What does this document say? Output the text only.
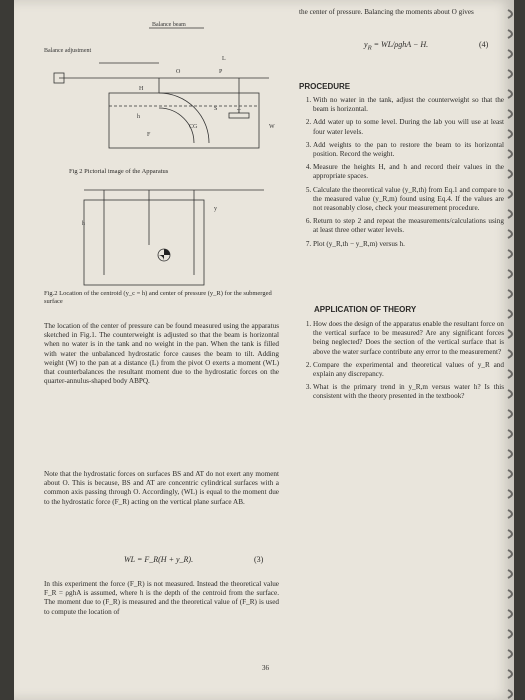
the center of pressure. Balancing the moments about O gives
$y_R = WL/\rho ghA - H$.	(4)
Balance beam
Balance adjustment
L
O	P
H
h
S	T
CG
F
W
Fig 2 Pictorial image of the Apparatus
y
h
Fig.2 Location of the centroid (y_c = h) and center of pressure (y_R) for the submerged surface
PROCEDURE
1. With no water in the tank, adjust the counterweight so that the beam is horizontal.
2. Add water up to some level. During the lab you will use at least four water levels.
3. Add weights to the pan to restore the beam to its horizontal position. Record the weight.
4. Measure the heights H, and h and record their values in the appropriate spaces.
5. Calculate the theoretical value (y_R,th) from Eq.1 and compare to the measured value (y_R,m) found using Eq.4. If the values are not reasonably close, check your measurement procedure.
6. Return to step 2 and repeat the measurements/calculations using at least three other water levels.
7. Plot (y_R,th − y_R,m) versus h.
APPLICATION OF THEORY
1. How does the design of the apparatus enable the resultant force on the vertical surface to be measured? Are any significant forces being neglected? Does the section of the vertical surface that is above the water surface contribute any error to the measurement?
2. Compare the experimental and theoretical values of y_R and explain any discrepancy.
3. What is the primary trend in y_R,m versus water h? Is this consistent with the theory presented in the textbook?
The location of the center of pressure can be found measured using the apparatus sketched in Fig.1. The counterweight is adjusted so that the beam is horizontal when no water is in the tank and no weight in the pan. When the tank is filled with water the unbalanced hydrostatic force causes the beam to tilt. Adding weight (W) to the pan at a distance (L) from the pivot O exerts a moment (WL) that counterbalances the resultant moment due to the hydrostatic forces on the quarter-annulus-shaped body ABPQ.
Note that the hydrostatic forces on surfaces BS and AT do not exert any moment about O. This is because, BS and AT are concentric cylindrical surfaces with a common axis passing through O. Accordingly, (WL) is equal to the moment due to the hydrostatic force (F_R) acting on the vertical plane surface AB.
WL = F_R(H + y_R).	(3)
In this experiment the force (F_R) is not measured. Instead the theoretical value F_R = ρghA is assumed, where h is the depth of the centroid from the surface. The moment due to (F_R) is measured and the theoretical value of (F_R) is used to compute the location of
36
